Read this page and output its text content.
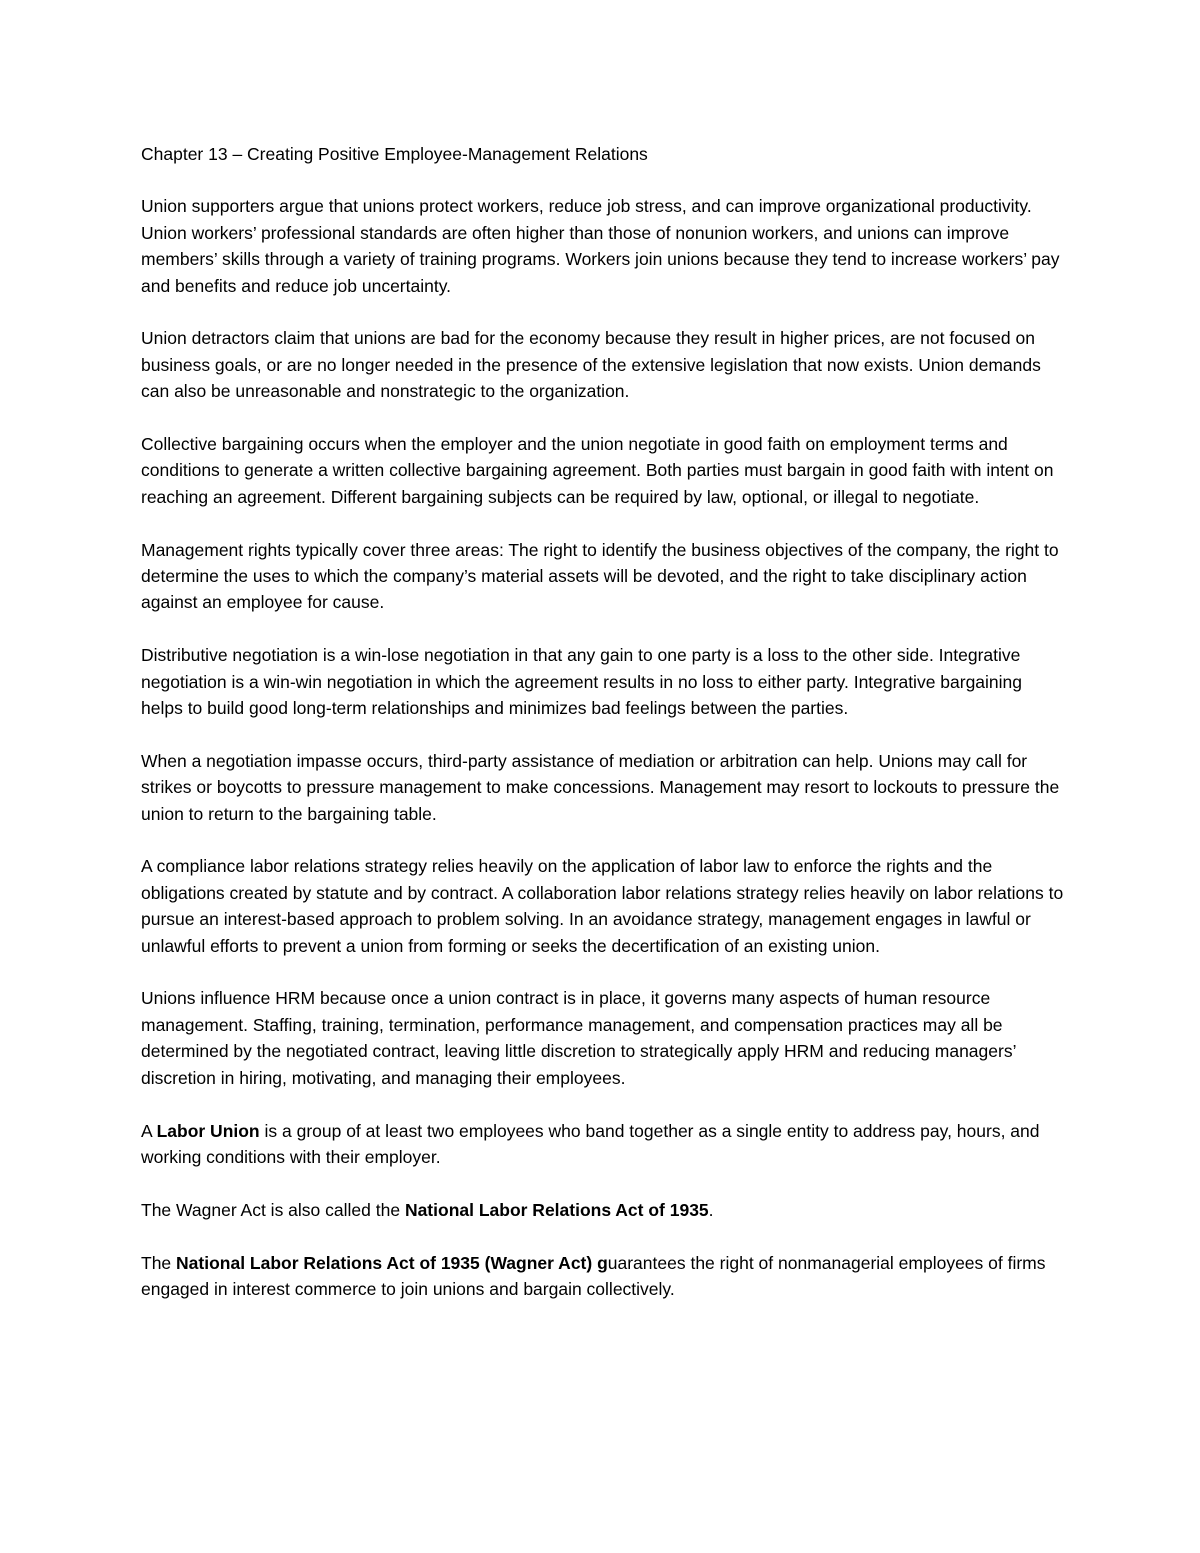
Chapter 13 – Creating Positive Employee-Management Relations

Union supporters argue that unions protect workers, reduce job stress, and can improve organizational productivity. Union workers’ professional standards are often higher than those of nonunion workers, and unions can improve members’ skills through a variety of training programs. Workers join unions because they tend to increase workers’ pay and benefits and reduce job uncertainty.

Union detractors claim that unions are bad for the economy because they result in higher prices, are not focused on business goals, or are no longer needed in the presence of the extensive legislation that now exists. Union demands can also be unreasonable and nonstrategic to the organization.

Collective bargaining occurs when the employer and the union negotiate in good faith on employment terms and conditions to generate a written collective bargaining agreement. Both parties must bargain in good faith with intent on reaching an agreement. Different bargaining subjects can be required by law, optional, or illegal to negotiate.

Management rights typically cover three areas: The right to identify the business objectives of the company, the right to determine the uses to which the company’s material assets will be devoted, and the right to take disciplinary action against an employee for cause.

Distributive negotiation is a win-lose negotiation in that any gain to one party is a loss to the other side. Integrative negotiation is a win-win negotiation in which the agreement results in no loss to either party. Integrative bargaining helps to build good long-term relationships and minimizes bad feelings between the parties.

When a negotiation impasse occurs, third-party assistance of mediation or arbitration can help. Unions may call for strikes or boycotts to pressure management to make concessions. Management may resort to lockouts to pressure the union to return to the bargaining table.

A compliance labor relations strategy relies heavily on the application of labor law to enforce the rights and the obligations created by statute and by contract. A collaboration labor relations strategy relies heavily on labor relations to pursue an interest-based approach to problem solving. In an avoidance strategy, management engages in lawful or unlawful efforts to prevent a union from forming or seeks the decertification of an existing union.

Unions influence HRM because once a union contract is in place, it governs many aspects of human resource management. Staffing, training, termination, performance management, and compensation practices may all be determined by the negotiated contract, leaving little discretion to strategically apply HRM and reducing managers’ discretion in hiring, motivating, and managing their employees.

A Labor Union is a group of at least two employees who band together as a single entity to address pay, hours, and working conditions with their employer.

The Wagner Act is also called the National Labor Relations Act of 1935.

The National Labor Relations Act of 1935 (Wagner Act) guarantees the right of nonmanagerial employees of firms engaged in interest commerce to join unions and bargain collectively.
